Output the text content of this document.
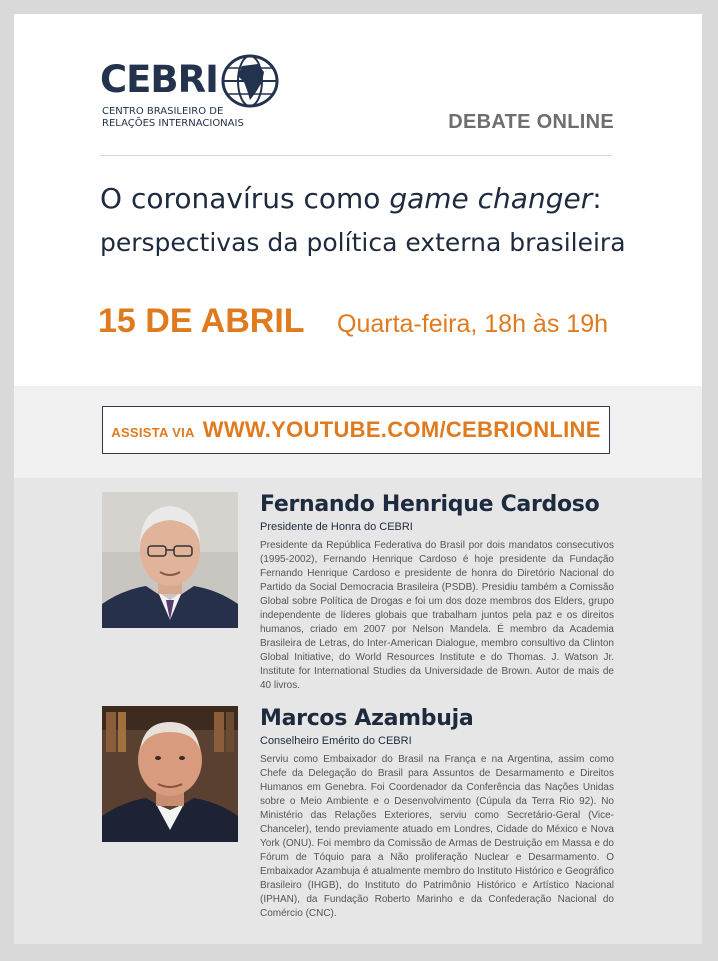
CEBRI
CENTRO BRASILEIRO DE
RELAÇÕES INTERNACIONAIS	DEBATE ONLINE
O coronavírus como game changer:
perspectivas da política externa brasileira
15 DE ABRIL Quarta-feira, 18h às 19h
ASSISTA VIA WWW.YOUTUBE.COM/CEBRIONLINE
Fernando Henrique Cardoso
Presidente de Honra do CEBRI
Presidente da República Federativa do Brasil por dois mandatos consecutivos (1995-2002), Fernando Henrique Cardoso é hoje presidente da Fundação Fernando Henrique Cardoso e presidente de honra do Diretório Nacional do Partido da Social Democracia Brasileira (PSDB). Presidiu também a Comissão Global sobre Política de Drogas e foi um dos doze membros dos Elders, grupo independente de líderes globais que trabalham juntos pela paz e os direitos humanos, criado em 2007 por Nelson Mandela. É membro da Academia Brasileira de Letras, do Inter-American Dialogue, membro consultivo da Clinton Global Initiative, do World Resources Institute e do Thomas. J. Watson Jr. Institute for International Studies da Universidade de Brown. Autor de mais de 40 livros.
Marcos Azambuja
Conselheiro Emérito do CEBRI
Serviu como Embaixador do Brasil na França e na Argentina, assim como Chefe da Delegação do Brasil para Assuntos de Desarmamento e Direitos Humanos em Genebra. Foi Coordenador da Conferência das Nações Unidas sobre o Meio Ambiente e o Desenvolvimento (Cúpula da Terra Rio 92). No Ministério das Relações Exteriores, serviu como Secretário-Geral (Vice-Chanceler), tendo previamente atuado em Londres, Cidade do México e Nova York (ONU). Foi membro da Comissão de Armas de Destruição em Massa e do Fórum de Tóquio para a Não proliferação Nuclear e Desarmamento. O Embaixador Azambuja é atualmente membro do Instituto Histórico e Geográfico Brasileiro (IHGB), do Instituto do Patrimônio Histórico e Artístico Nacional (IPHAN), da Fundação Roberto Marinho e da Confederação Nacional do Comércio (CNC).
